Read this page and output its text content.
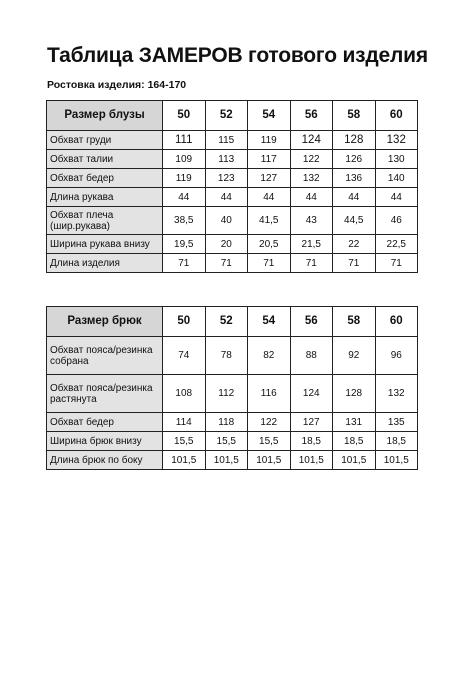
Таблица ЗАМЕРОВ готового изделия
Ростовка изделия: 164-170
Размер блузы	50	52	54	56	58	60
Обхват груди	111	115	119	124	128	132
Обхват талии	109	113	117	122	126	130
Обхват бедер	119	123	127	132	136	140
Длина рукава	44	44	44	44	44	44
Обхват плеча (шир.рукава)	38,5	40	41,5	43	44,5	46
Ширина рукава внизу	19,5	20	20,5	21,5	22	22,5
Длина изделия	71	71	71	71	71	71
Размер брюк	50	52	54	56	58	60
Обхват пояса/резинка собрана	74	78	82	88	92	96
Обхват пояса/резинка растянута	108	112	116	124	128	132
Обхват бедер	114	118	122	127	131	135
Ширина брюк внизу	15,5	15,5	15,5	18,5	18,5	18,5
Длина брюк по боку	101,5	101,5	101,5	101,5	101,5	101,5
